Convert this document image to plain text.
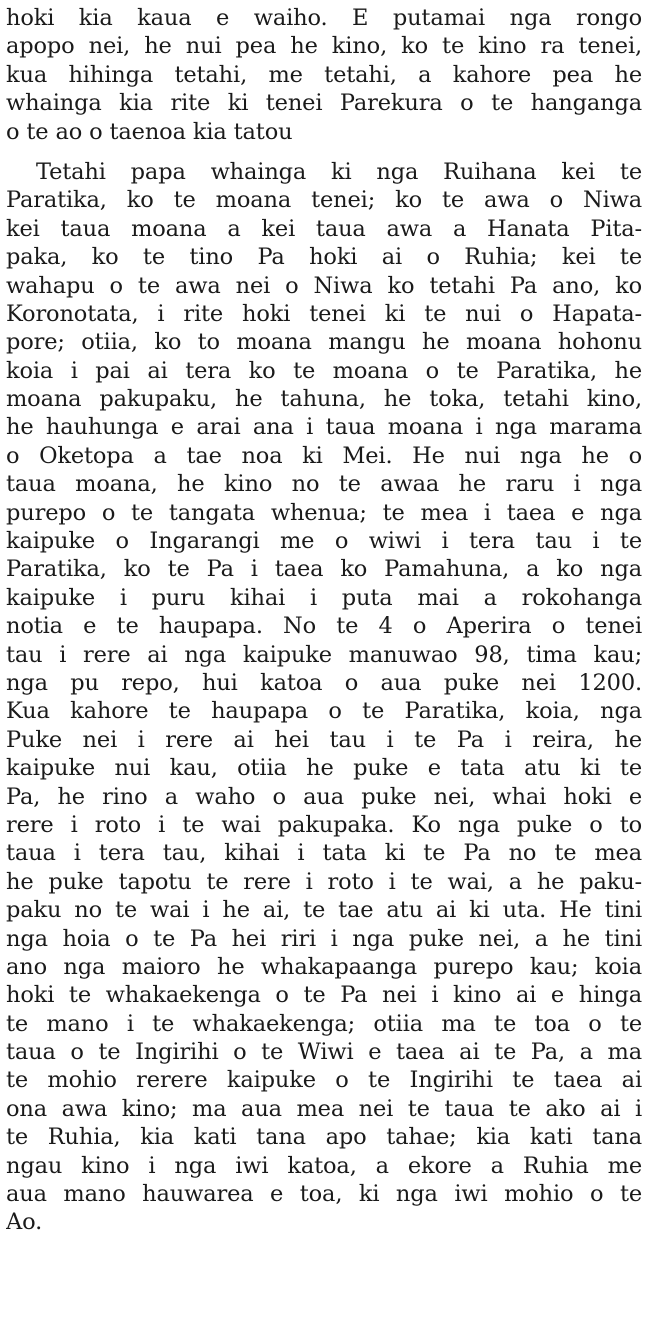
hoki kia kaua e waiho. E putamai nga rongo
apopo nei, he nui pea he kino, ko te kino ra tenei,
kua hihinga tetahi, me tetahi, a kahore pea he
whainga kia rite ki tenei Parekura o te hanganga
o te ao o taenoa kia tatou
Tetahi papa whainga ki nga Ruihana kei te
Paratika, ko te moana tenei; ko te awa o Niwa
kei taua moana a kei taua awa a Hanata Pita-
paka, ko te tino Pa hoki ai o Ruhia; kei te
wahapu o te awa nei o Niwa ko tetahi Pa ano, ko
Koronotata, i rite hoki tenei ki te nui o Hapata-
pore; otiia, ko to moana mangu he moana hohonu
koia i pai ai tera ko te moana o te Paratika, he
moana pakupaku, he tahuna, he toka, tetahi kino,
he hauhunga e arai ana i taua moana i nga marama
o Oketopa a tae noa ki Mei. He nui nga he o
taua moana, he kino no te awaa he raru i nga
purepo o te tangata whenua; te mea i taea e nga
kaipuke o Ingarangi me o wiwi i tera tau i te
Paratika, ko te Pa i taea ko Pamahuna, a ko nga
kaipuke i puru kihai i puta mai a rokohanga
notia e te haupapa. No te 4 o Aperira o tenei
tau i rere ai nga kaipuke manuwao 98, tima kau;
nga pu repo, hui katoa o aua puke nei 1200.
Kua kahore te haupapa o te Paratika, koia, nga
Puke nei i rere ai hei tau i te Pa i reira, he
kaipuke nui kau, otiia he puke e tata atu ki te
Pa, he rino a waho o aua puke nei, whai hoki e
rere i roto i te wai pakupaka. Ko nga puke o to
taua i tera tau, kihai i tata ki te Pa no te mea
he puke tapotu te rere i roto i te wai, a he paku-
paku no te wai i he ai, te tae atu ai ki uta. He tini
nga hoia o te Pa hei riri i nga puke nei, a he tini
ano nga maioro he whakapaanga purepo kau; koia
hoki te whakaekenga o te Pa nei i kino ai e hinga
te mano i te whakaekenga; otiia ma te toa o te
taua o te Ingirihi o te Wiwi e taea ai te Pa, a ma
te mohio rerere kaipuke o te Ingirihi te taea ai
ona awa kino; ma aua mea nei te taua te ako ai i
te Ruhia, kia kati tana apo tahae; kia kati tana
ngau kino i nga iwi katoa, a ekore a Ruhia me
aua mano hauwarea e toa, ki nga iwi mohio o te
Ao.
